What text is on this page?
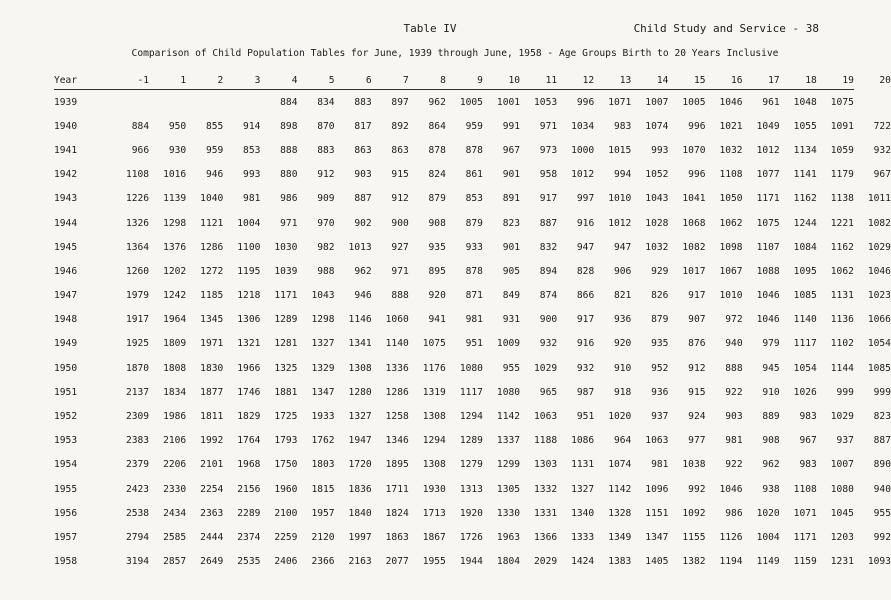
Table IV	Child Study and Service - 38
Comparison of Child Population Tables for June, 1939 through June, 1958 - Age Groups Birth to 20 Years Inclusive
Year	-1	1	2	3	4	5	6	7	8	9	10	11	12	13	14	15	16	17	18	19	20
1939					884	834	883	897	962	1005	1001	1053	996	1071	1007	1005	1046	961	1048	1075	
1940	884	950	855	914	898	870	817	892	864	959	991	971	1034	983	1074	996	1021	1049	1055	1091	722
1941	966	930	959	853	888	883	863	863	878	878	967	973	1000	1015	993	1070	1032	1012	1134	1059	932
1942	1108	1016	946	993	880	912	903	915	824	861	901	958	1012	994	1052	996	1108	1077	1141	1179	967
1943	1226	1139	1040	981	986	909	887	912	879	853	891	917	997	1010	1043	1041	1050	1171	1162	1138	1011
1944	1326	1298	1121	1004	971	970	902	900	908	879	823	887	916	1012	1028	1068	1062	1075	1244	1221	1082
1945	1364	1376	1286	1100	1030	982	1013	927	935	933	901	832	947	947	1032	1082	1098	1107	1084	1162	1029
1946	1260	1202	1272	1195	1039	988	962	971	895	878	905	894	828	906	929	1017	1067	1088	1095	1062	1046
1947	1979	1242	1185	1218	1171	1043	946	888	920	871	849	874	866	821	826	917	1010	1046	1085	1131	1023
1948	1917	1964	1345	1306	1289	1298	1146	1060	941	981	931	900	917	936	879	907	972	1046	1140	1136	1066
1949	1925	1809	1971	1321	1281	1327	1341	1140	1075	951	1009	932	916	920	935	876	940	979	1117	1102	1054
1950	1870	1808	1830	1966	1325	1329	1308	1336	1176	1080	955	1029	932	910	952	912	888	945	1054	1144	1085
1951	2137	1834	1877	1746	1881	1347	1280	1286	1319	1117	1080	965	987	918	936	915	922	910	1026	999	999
1952	2309	1986	1811	1829	1725	1933	1327	1258	1308	1294	1142	1063	951	1020	937	924	903	889	983	1029	823
1953	2383	2106	1992	1764	1793	1762	1947	1346	1294	1289	1337	1188	1086	964	1063	977	981	908	967	937	887
1954	2379	2206	2101	1968	1750	1803	1720	1895	1308	1279	1299	1303	1131	1074	981	1038	922	962	983	1007	890
1955	2423	2330	2254	2156	1960	1815	1836	1711	1930	1313	1305	1332	1327	1142	1096	992	1046	938	1108	1080	940
1956	2538	2434	2363	2289	2100	1957	1840	1824	1713	1920	1330	1331	1340	1328	1151	1092	986	1020	1071	1045	955
1957	2794	2585	2444	2374	2259	2120	1997	1863	1867	1726	1963	1366	1333	1349	1347	1155	1126	1004	1171	1203	992
1958	3194	2857	2649	2535	2406	2366	2163	2077	1955	1944	1804	2029	1424	1383	1405	1382	1194	1149	1159	1231	1093
